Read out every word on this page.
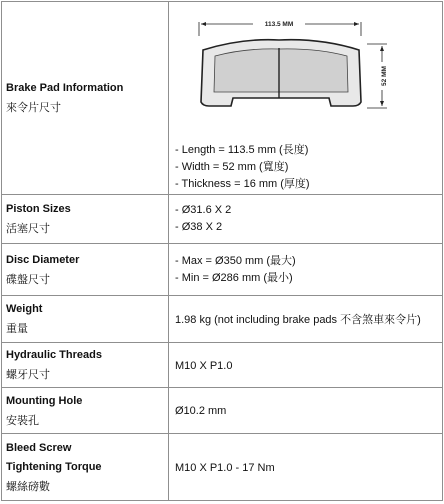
Brake Pad Information
來令片尺寸	113.5 MM
52 MM
- Length = 113.5 mm (長度)
- Width = 52 mm (寬度)
- Thickness = 16 mm (厚度)

Piston Sizes
活塞尺寸	- Ø31.6 X 2
- Ø38 X 2

Disc Diameter
碟盤尺寸	- Max = Ø350 mm (最大)
- Min = Ø286 mm (最小)

Weight
重量	1.98 kg (not including brake pads 不含煞車來令片)

Hydraulic Threads
螺牙尺寸	M10 X P1.0

Mounting Hole
安裝孔	Ø10.2 mm

Bleed Screw
Tightening Torque
螺絲磅數	M10 X P1.0 - 17 Nm
